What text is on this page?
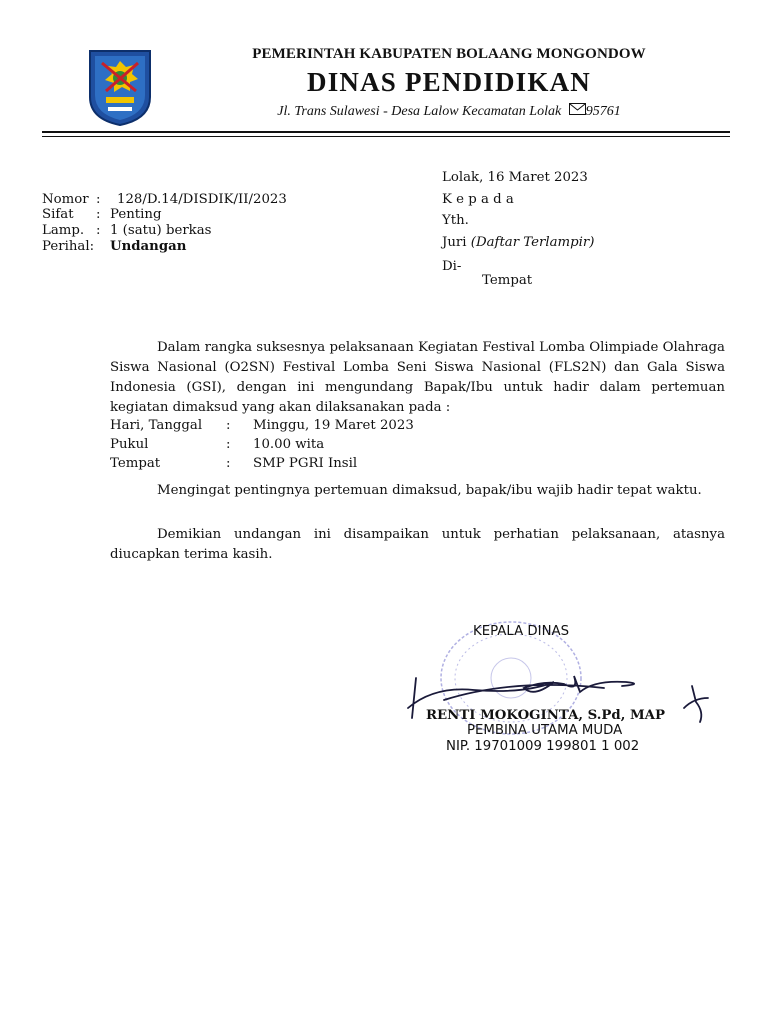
PEMERINTAH KABUPATEN BOLAANG MONGONDOW
DINAS PENDIDIKAN
Jl. Trans Sulawesi - Desa Lalow Kecamatan Lolak 95761
Lolak, 16 Maret 2023
Nomor : 128/D.14/DISDIK/II/2023
Sifat	: Penting
Lamp. : 1 (satu) berkas
Perihal:	Undangan
K e p a d a
Yth.
Juri (Daftar Terlampir)
Di-
Tempat
Dalam rangka suksesnya pelaksanaan Kegiatan Festival Lomba Olimpiade Olahraga Siswa Nasional (O2SN) Festival Lomba Seni Siswa Nasional (FLS2N) dan Gala Siswa Indonesia (GSI), dengan ini mengundang Bapak/Ibu untuk hadir dalam pertemuan kegiatan dimaksud yang akan dilaksanakan pada :
Hari, Tanggal : Minggu, 19 Maret 2023
Pukul	: 10.00 wita
Tempat	: SMP PGRI Insil
Mengingat pentingnya pertemuan dimaksud, bapak/ibu wajib hadir tepat waktu.
Demikian undangan ini disampaikan untuk perhatian pelaksanaan, atasnya diucapkan terima kasih.
KEPALA DINAS
RENTI MOKOGINTA, S.Pd, MAP
PEMBINA UTAMA MUDA
NIP. 19701009 199801 1 002
